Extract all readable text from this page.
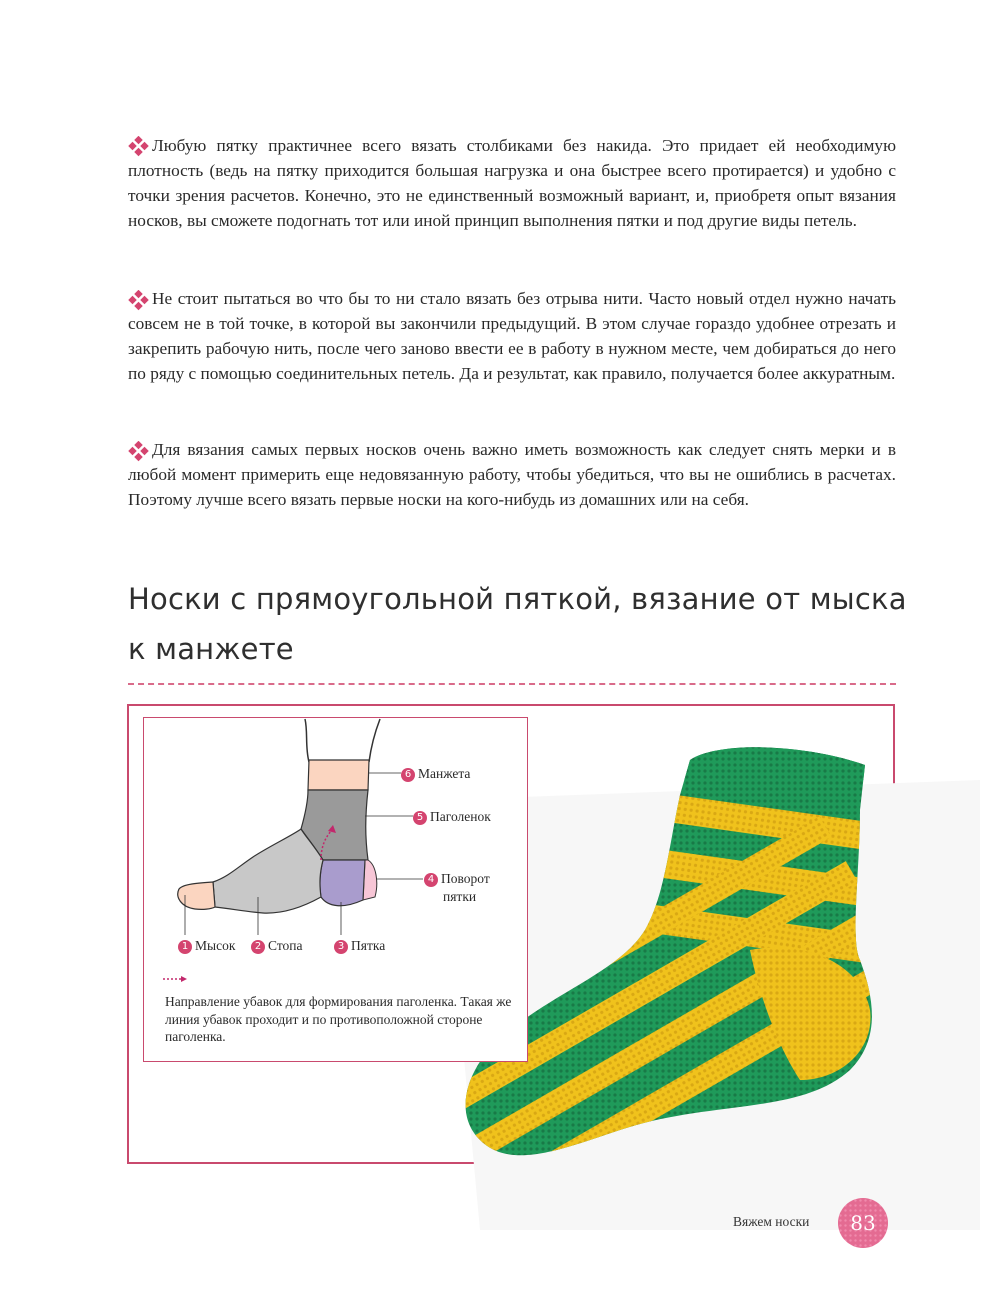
Любую пятку практичнее всего вязать столбиками без накида. Это придает ей необходимую плотность (ведь на пятку приходится большая нагрузка и она быстрее всего протирается) и удобно с точки зрения расчетов. Конечно, это не единственный возможный вариант, и, приобретя опыт вязания носков, вы сможете подогнать тот или иной принцип выполнения пятки и под другие виды петель.

Не стоит пытаться во что бы то ни стало вязать без отрыва нити. Часто новый отдел нужно начать совсем не в той точке, в которой вы закончили предыдущий. В этом случае гораздо удобнее отрезать и закрепить рабочую нить, после чего заново ввести ее в работу в нужном месте, чем добираться до него по ряду с помощью соединительных петель. Да и результат, как правило, получается более аккуратным.

Для вязания самых первых носков очень важно иметь возможность как следует снять мерки и в любой момент примерить еще недовязанную работу, чтобы убедиться, что вы не ошиблись в расчетах. Поэтому лучше всего вязать первые носки на кого-нибудь из домашних или на себя.

Носки с прямоугольной пяткой, вязание от мыска
к манжете
6 Манжета
5 Паголенок
4 Поворот
пятки
1 Мысок	2 Стопа	3 Пятка
Направление убавок для формирования паголенка. Такая же линия убавок проходит и по противоположной стороне паголенка.
Вяжем носки	83
